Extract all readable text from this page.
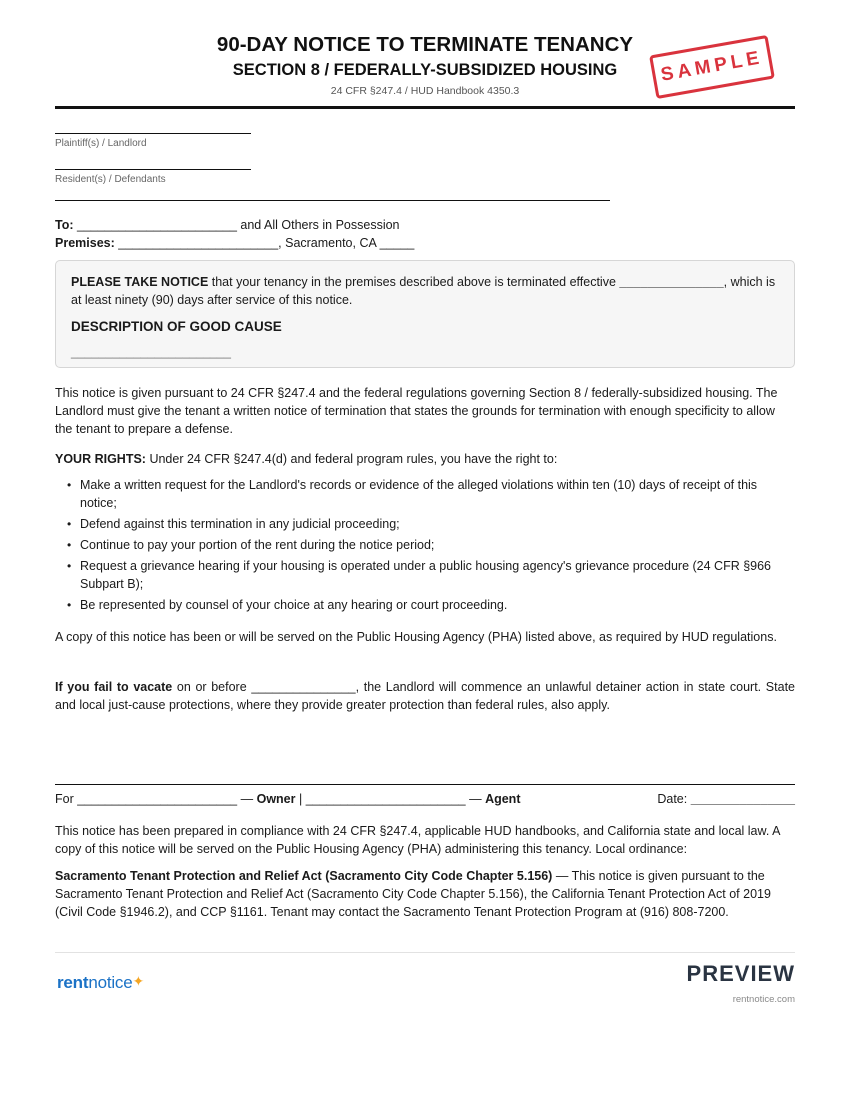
90-DAY NOTICE TO TERMINATE TENANCY
SECTION 8 / FEDERALLY-SUBSIDIZED HOUSING
24 CFR §247.4 / HUD Handbook 4350.3
SAMPLE
Plaintiff(s) / Landlord
Resident(s) / Defendants
To: _______________________ and All Others in Possession
Premises: _______________________, Sacramento, CA _____
PLEASE TAKE NOTICE that your tenancy in the premises described above is terminated effective _______________, which is at least ninety (90) days after service of this notice.
DESCRIPTION OF GOOD CAUSE
_______________________
This notice is given pursuant to 24 CFR §247.4 and the federal regulations governing Section 8 / federally-subsidized housing. The Landlord must give the tenant a written notice of termination that states the grounds for termination with enough specificity to allow the tenant to prepare a defense.
YOUR RIGHTS: Under 24 CFR §247.4(d) and federal program rules, you have the right to:
• Make a written request for the Landlord's records or evidence of the alleged violations within ten (10) days of receipt of this notice;
• Defend against this termination in any judicial proceeding;
• Continue to pay your portion of the rent during the notice period;
• Request a grievance hearing if your housing is operated under a public housing agency's grievance procedure (24 CFR §966 Subpart B);
• Be represented by counsel of your choice at any hearing or court proceeding.
A copy of this notice has been or will be served on the Public Housing Agency (PHA) listed above, as required by HUD regulations.
If you fail to vacate on or before _______________, the Landlord will commence an unlawful detainer action in state court. State and local just-cause protections, where they provide greater protection than federal rules, also apply.
For _______________________ — Owner | _______________________ — Agent	Date: _______________
This notice has been prepared in compliance with 24 CFR §247.4, applicable HUD handbooks, and California state and local law. A copy of this notice will be served on the Public Housing Agency (PHA) administering this tenancy. Local ordinance:
Sacramento Tenant Protection and Relief Act (Sacramento City Code Chapter 5.156) — This notice is given pursuant to the Sacramento Tenant Protection and Relief Act (Sacramento City Code Chapter 5.156), the California Tenant Protection Act of 2019 (Civil Code §1946.2), and CCP §1161. Tenant may contact the Sacramento Tenant Protection Program at (916) 808-7200.
rentnotice✦	PREVIEW
rentnotice.com
